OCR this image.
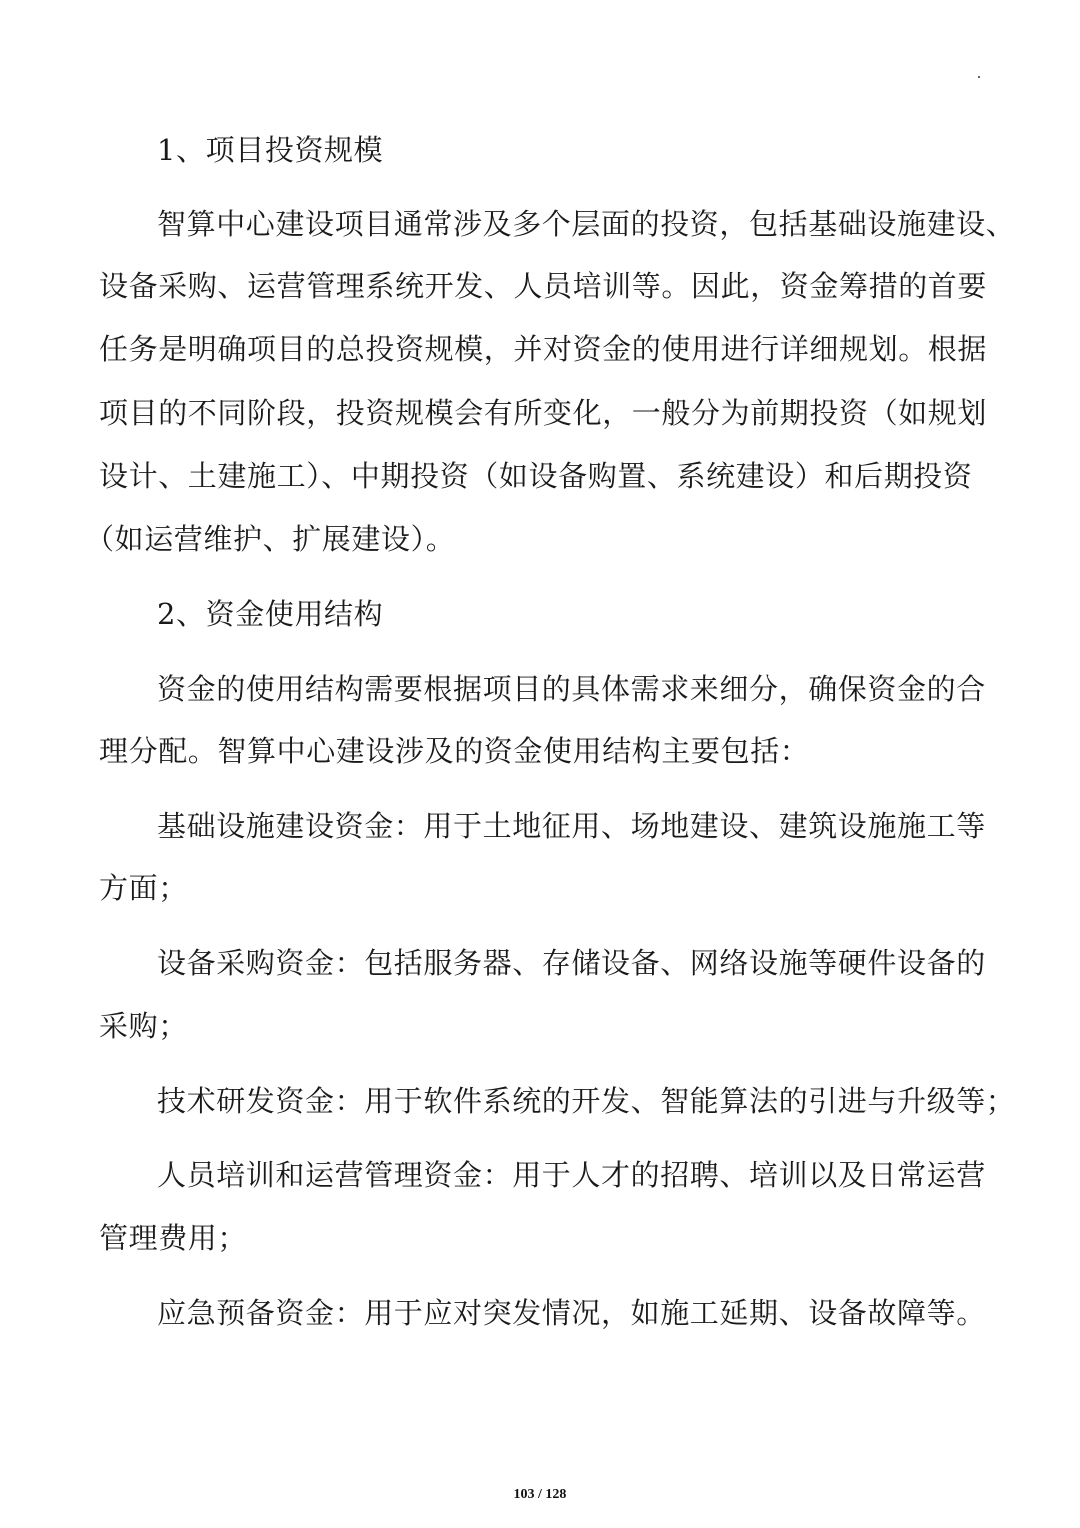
1、项目投资规模
智算中心建设项目通常涉及多个层面的投资，包括基础设施建设、
设备采购、运营管理系统开发、人员培训等。因此，资金筹措的首要
任务是明确项目的总投资规模，并对资金的使用进行详细规划。根据
项目的不同阶段，投资规模会有所变化，一般分为前期投资（如规划
设计、土建施工）、中期投资（如设备购置、系统建设）和后期投资
（如运营维护、扩展建设）。
2、资金使用结构
资金的使用结构需要根据项目的具体需求来细分，确保资金的合
理分配。智算中心建设涉及的资金使用结构主要包括：
基础设施建设资金：用于土地征用、场地建设、建筑设施施工等
方面；
设备采购资金：包括服务器、存储设备、网络设施等硬件设备的
采购；
技术研发资金：用于软件系统的开发、智能算法的引进与升级等；
人员培训和运营管理资金：用于人才的招聘、培训以及日常运营
管理费用；
应急预备资金：用于应对突发情况，如施工延期、设备故障等。
103 / 128
